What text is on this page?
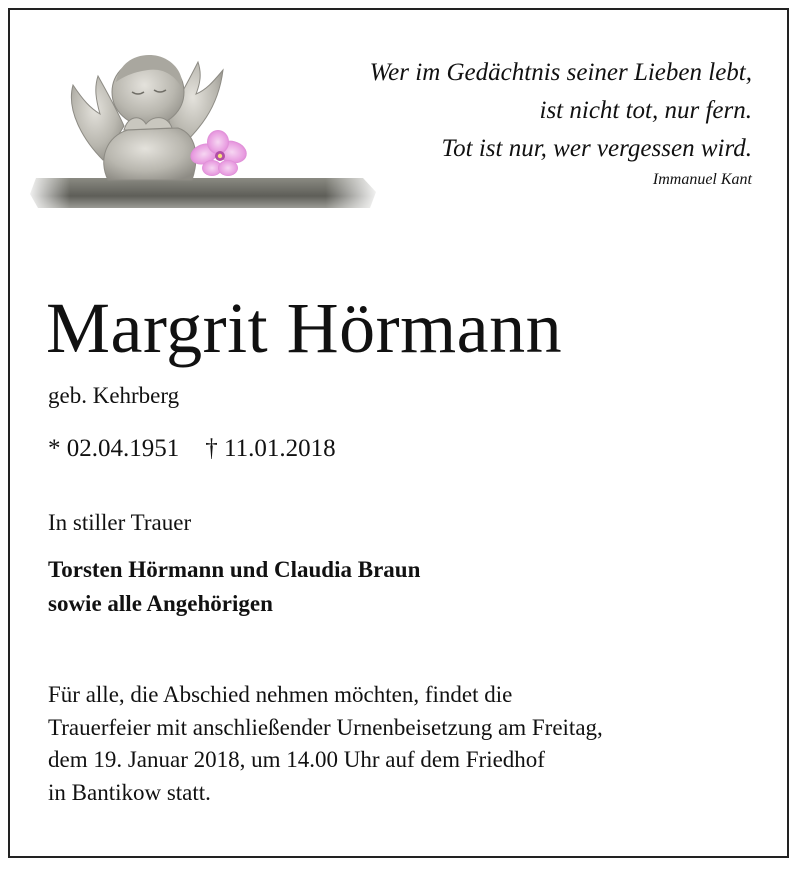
Wer im Gedächtnis seiner Lieben lebt,
ist nicht tot, nur fern.
Tot ist nur, wer vergessen wird.
Immanuel Kant
Margrit Hörmann
geb. Kehrberg
* 02.04.1951 † 11.01.2018
In stiller Trauer
Torsten Hörmann und Claudia Braun
sowie alle Angehörigen
Für alle, die Abschied nehmen möchten, findet die
Trauerfeier mit anschließender Urnenbeisetzung am Freitag,
dem 19. Januar 2018, um 14.00 Uhr auf dem Friedhof
in Bantikow statt.
